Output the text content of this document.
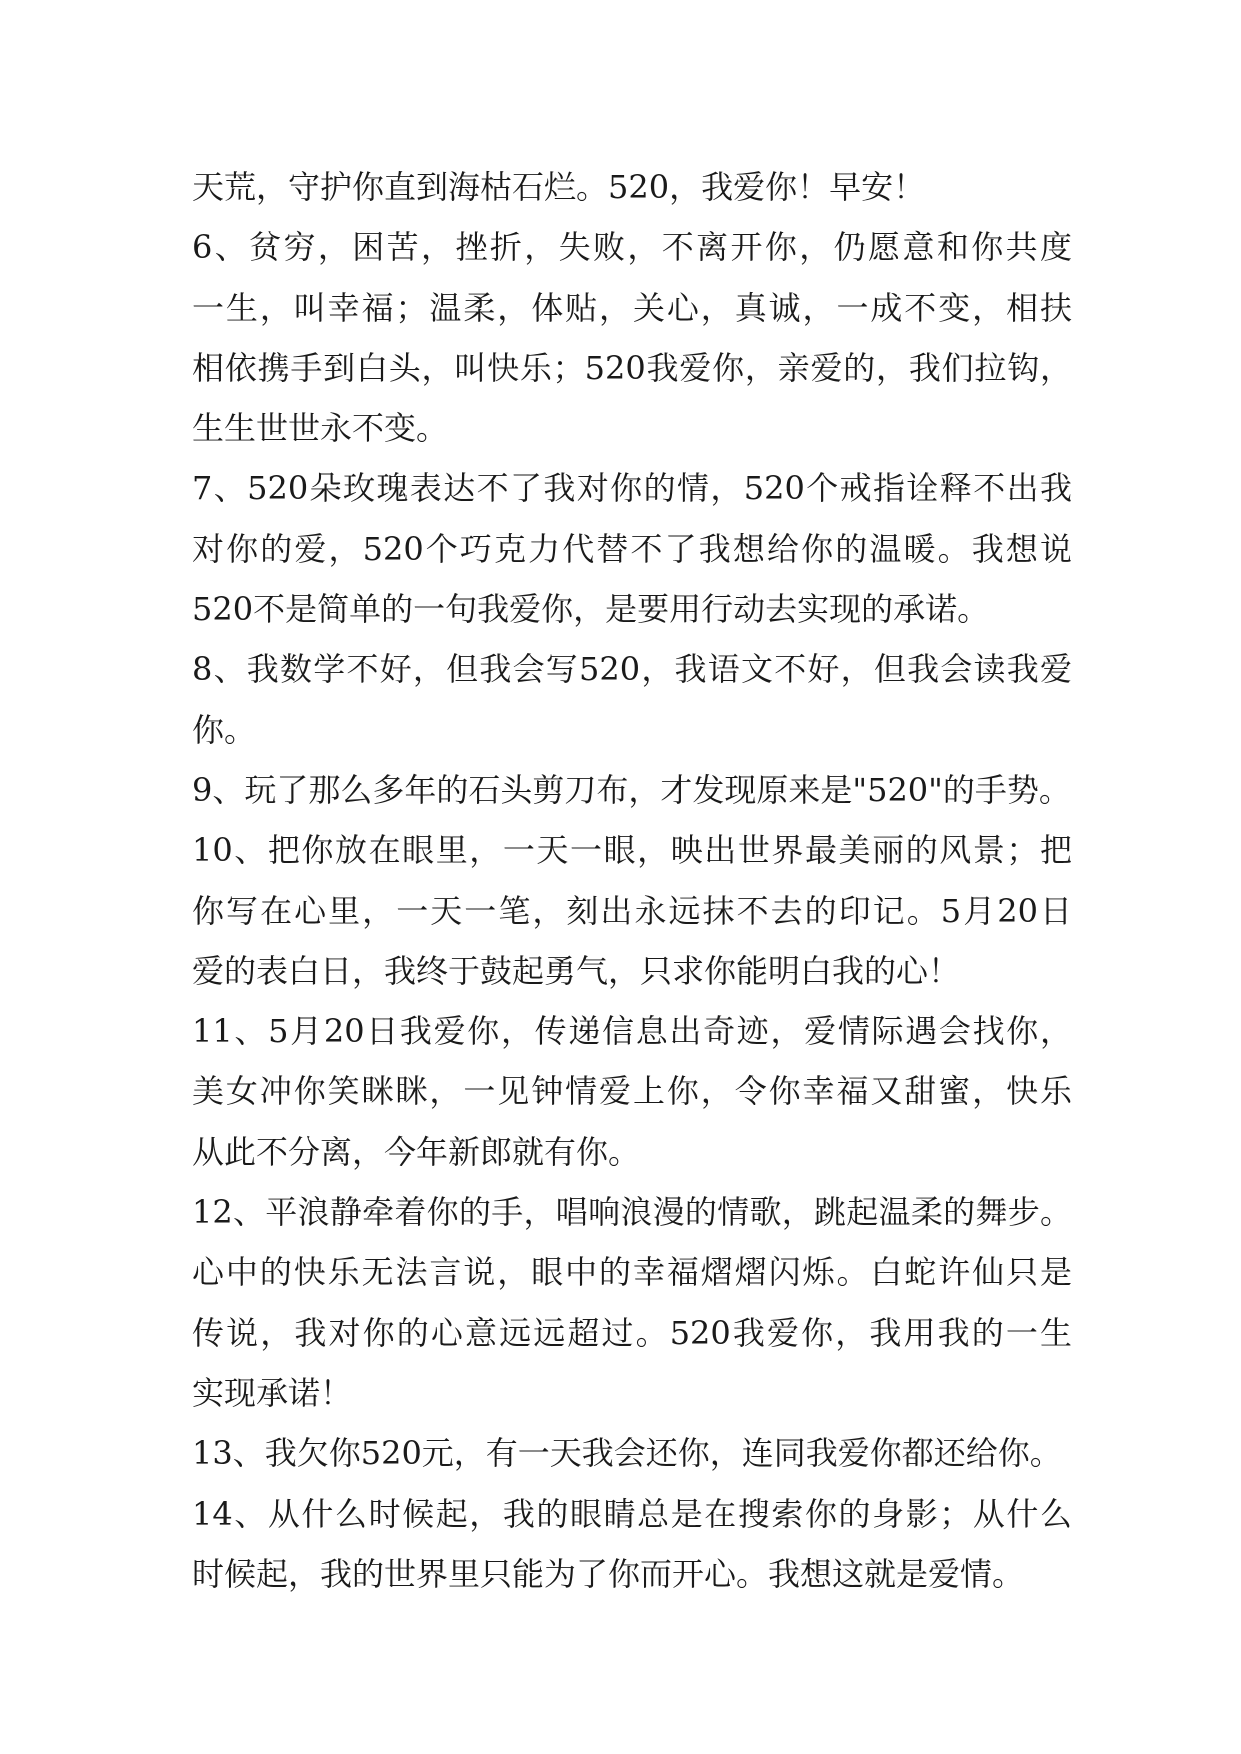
天荒，守护你直到海枯石烂。520，我爱你！早安！
6、贫穷，困苦，挫折，失败，不离开你，仍愿意和你共度
一生，叫幸福；温柔，体贴，关心，真诚，一成不变，相扶
相依携手到白头，叫快乐；520我爱你，亲爱的，我们拉钩，
生生世世永不变。
7、520朵玫瑰表达不了我对你的情，520个戒指诠释不出我
对你的爱，520个巧克力代替不了我想给你的温暖。我想说
520不是简单的一句我爱你，是要用行动去实现的承诺。
8、我数学不好，但我会写520，我语文不好，但我会读我爱
你。
9、玩了那么多年的石头剪刀布，才发现原来是"520"的手势。
10、把你放在眼里，一天一眼，映出世界最美丽的风景；把
你写在心里，一天一笔，刻出永远抹不去的印记。5月20日
爱的表白日，我终于鼓起勇气，只求你能明白我的心！
11、5月20日我爱你，传递信息出奇迹，爱情际遇会找你，
美女冲你笑眯眯，一见钟情爱上你，令你幸福又甜蜜，快乐
从此不分离，今年新郎就有你。
12、平浪静牵着你的手，唱响浪漫的情歌，跳起温柔的舞步。
心中的快乐无法言说，眼中的幸福熠熠闪烁。白蛇许仙只是
传说，我对你的心意远远超过。520我爱你，我用我的一生
实现承诺！
13、我欠你520元，有一天我会还你，连同我爱你都还给你。
14、从什么时候起，我的眼睛总是在搜索你的身影；从什么
时候起，我的世界里只能为了你而开心。我想这就是爱情。
